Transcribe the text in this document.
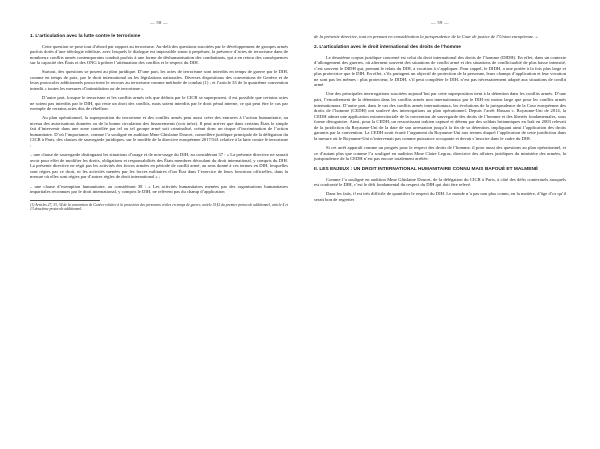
— 58 —
1. L’articulation avec la lutte contre le terrorisme

Cette question se pose tout d’abord par rapport au terrorisme. Au-delà des questions suscitées par le développement de groupes armés parfois dotés d’une idéologie nihiliste, avec lesquels le dialogue est impossible sinon à perpétuer, la présence d’actes de terrorisme dans de nombreux conflits armés contemporains conduit parfois à une forme de déshumanisation des combattants, qui a en retour des conséquences sur la capacité des États et des ONG à prôner l’atténuation des conflits et le respect du DIH.

Surtout, des questions se posent au plan juridique. D’une part, les actes de terrorisme sont interdits en temps de guerre par le DIH, comme en temps de paix, par le droit international ou les législations nationales. Diverses dispositions des conventions de Genève et de leurs protocoles additionnels proscrivent le recours au terrorisme comme méthode de combat (1) ; et l’article 33 de la quatrième convention interdit « toutes les mesures d’intimidation ou de terrorisme ».

D’autre part, lorsque le terrorisme et les conflits armés tels que définis par le CICR se superposent, il est possible que certains actes ne soient pas interdits par le DIH, qui reste un droit des conflits, mais soient interdits par le droit pénal interne, ce qui peut être le cas par exemple de certains actes dits de rébellion.

Au plan opérationnel, la superposition du terrorisme et des conflits armés peut aussi créer des entraves à l’action humanitaire, au niveau des autorisations données ou de la bonne circulation des financements (voir infra). Il peut arriver que dans certains États le simple fait d’intervenir dans une zone contrôlée par tel ou tel groupe armé soit criminalisé, créant donc un risque d’incrimination de l’action humanitaire. D’où l’importance, comme l’a souligné en audition Mme Ghislaine Doucet, conseillère juridique principale de la délégation du CICR à Paris, des clauses de sauvegarde juridiques, sur le modèle de la directive européenne 2017/541 relative à la lutte contre le terrorisme :

– une clause de sauvegarde distinguant les situations d’usage et de non-usage du DIH, au considérant 37 : « La présente directive ne saurait avoir pour effet de modifier les droits, obligations et responsabilités des États membres découlant du droit international, y compris du DIH. La présente directive ne régit pas les activités des forces armées en période de conflit armé, au sens donné à ces termes en DIH, lesquelles sont régies par ce droit, ni les activités menées par les forces militaires d’un État dans l’exercice de leurs fonctions officielles, dans la mesure où elles sont régies par d’autres règles de droit international » ;

– une clause d’exemption humanitaire, au considérant 38 : « Les activités humanitaires menées par des organisations humanitaires impartiales reconnues par le droit international, y compris le DIH, ne relèvent pas du champ d’application

(1) Articles 27, 33, 34 de la convention de Genève relative à la protection des personnes civiles en temps de guerre, article 51§2 du premier protocole additionnel, article 4 et 13 deuxième protocole additionnel.
— 59 —

de la présente directive, tout en prenant en considération la jurisprudence de la Cour de justice de l’Union européenne. »

2. L’articulation avec le droit international des droits de l’homme

Le deuxième corpus juridique concerné est celui du droit international des droits de l’homme (DIDH). En effet, dans un contexte d’allongement des guerres, où alternent souvent des situations de conflit armé et des situations de conflictualité de plus basse intensité, c’est souvent le DIDH qui, prenant le relais du DIH, a vocation à s’appliquer. Pour rappel, le DIDH, a une portée à la fois plus large et plus protectrice que le DIH. En effet, s’ils partagent un objectif de protection de la personne, leurs champs d’application et leur vocation ne sont pas les mêmes : plus protecteur, le DIDH, s’il peut compléter le DIH, n’est pas nécessairement adapté aux situations de conflit armé.

Une des principales interrogations suscitées aujourd’hui par cette superposition tient à la détention dans les conflits armés. D’une part, l’encadrement de la détention dans les conflits armés non internationaux par le DIH est moins large que pour les conflits armés internationaux. D’autre part, dans le cas des conflits armés internationaux, les évolutions de la jurisprudence de la Cour européenne des droits de l’homme (CEDH) ont soulevé des interrogations au plan opérationnel. Depuis l’arrêt Hassan c. Royaume-Uni de 2014, la CEDH admet une application extraterritoriale de la convention de sauvegarde des droits de l’homme et des libertés fondamentales, sous forme dérogatoire. Ainsi, pour la CEDH, un ressortissant irakien capturé et détenu par des soldats britanniques en Irak en 2003 relevait de la juridiction du Royaume-Uni de la date de son arrestation jusqu’à la fin de sa détention, impliquant ainsi l’application des droits garantis par la convention. La CEDH avait écarté l’argument du Royaume-Uni aux termes duquel l’application de cette juridiction dans la mesure où le Royaume-Uni n’intervenait pas comme puissance occupante et devait s’inscrire dans le cadre du DIH.

Si cet arrêt apparaît comme un progrès pour le respect des droits de l’homme, il pose aussi des questions au plan opérationnel, et ce d’autant plus que comme l’a souligné en audition Mme Claire Legras, directrice des affaires juridiques du ministère des armées, la jurisprudence de la CEDH n’est pas encore totalement arrêtée.

II. LES ENJEUX : UN DROIT INTERNATIONAL HUMANITAIRE CONNU MAIS BAFOUÉ ET MALMENÉ

Comme l’a souligné en audition Mme Ghislaine Doucet, de la délégation du CICR à Paris, à côté des défis contextuels auxquels est confronté le DIH, c’est le défi fondamental du respect du DIH qui doit être relevé.

Dans les faits, il est très difficile de quantifier le respect du DIH. Le monde n’a pas non plus connu, en la matière, d’âge d’or qu’il serait bon de regretter
